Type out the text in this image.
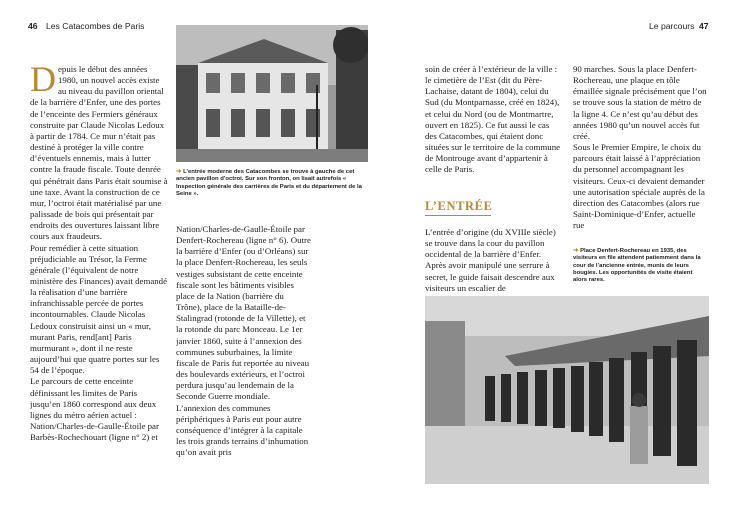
46 Les Catacombes de Paris	Le parcours 47

Depuis le début des années 1980, un nouvel accès existe au niveau du pavillon oriental de la barrière d’Enfer, une des portes de l’enceinte des Fermiers généraux construite par Claude Nicolas Ledoux à partir de 1784. Ce mur n’était pas destiné à protéger la ville contre d’éventuels ennemis, mais à lutter contre la fraude fiscale. Toute denrée qui pénétrait dans Paris était soumise à une taxe. Avant la construction de ce mur, l’octroi était matérialisé par une palissade de bois qui présentait par endroits des ouvertures laissant libre cours aux fraudeurs.

Pour remédier à cette situation préjudiciable au Trésor, la Ferme générale (l’équivalent de notre ministère des Finances) avait demandé la réalisation d’une barrière infranchissable percée de portes incontournables. Claude Nicolas Ledoux construisit ainsi un « mur, murant Paris, rend[ant] Paris murmurant », dont il ne reste aujourd’hui que quatre portes sur les 54 de l’époque.

Le parcours de cette enceinte définissant les limites de Paris jusqu’en 1860 correspond aux deux lignes du métro aérien actuel : Nation/Charles-de-Gaulle-Étoile par Barbès-Rochechouart (ligne n° 2) et

➜ L’entrée moderne des Catacombes se trouve à gauche de cet ancien pavillon d’octroi. Sur son fronton, on lisait autrefois « Inspection générale des carrières de Paris et du département de la Seine ».

Nation/Charles-de-Gaulle-Étoile par Denfert-Rochereau (ligne n° 6). Outre la barrière d’Enfer (ou d’Orléans) sur la place Denfert-Rochereau, les seuls vestiges subsistant de cette enceinte fiscale sont les bâtiments visibles place de la Nation (barrière du Trône), place de la Bataille-de-Stalingrad (rotonde de la Villette), et la rotonde du parc Monceau. Le 1er janvier 1860, suite à l’annexion des communes suburbaines, la limite fiscale de Paris fut reportée au niveau des boulevards extérieurs, et l’octroi perdura jusqu’au lendemain de la Seconde Guerre mondiale.

L’annexion des communes périphériques à Paris eut pour autre conséquence d’intégrer à la capitale les trois grands terrains d’inhumation qu’on avait pris

soin de créer à l’extérieur de la ville : le cimetière de l’Est (dit du Père-Lachaise, datant de 1804), celui du Sud (du Montparnasse, créé en 1824), et celui du Nord (ou de Montmartre, ouvert en 1825). Ce fut aussi le cas des Catacombes, qui étaient donc situées sur le territoire de la commune de Montrouge avant d’appartenir à celle de Paris.

L’ENTRÉE

L’entrée d’origine (du XVIIIe siècle) se trouve dans la cour du pavillon occidental de la barrière d’Enfer. Après avoir manipulé une serrure à secret, le guide faisait descendre aux visiteurs un escalier de

90 marches. Sous la place Denfert-Rochereau, une plaque en tôle émaillée signale précisément que l’on se trouve sous la station de métro de la ligne 4. Ce n’est qu’au début des années 1980 qu’un nouvel accès fut créé.

Sous le Premier Empire, le choix du parcours était laissé à l’appréciation du personnel accompagnant les visiteurs. Ceux-ci devaient demander une autorisation spéciale auprès de la direction des Catacombes (alors rue Saint-Dominique-d’Enfer, actuelle rue

➜ Place Denfert-Rochereau en 1935, des visiteurs en file attendent patiemment dans la cour de l’ancienne entrée, munis de leurs bougies. Les opportunités de visite étaient alors rares.
